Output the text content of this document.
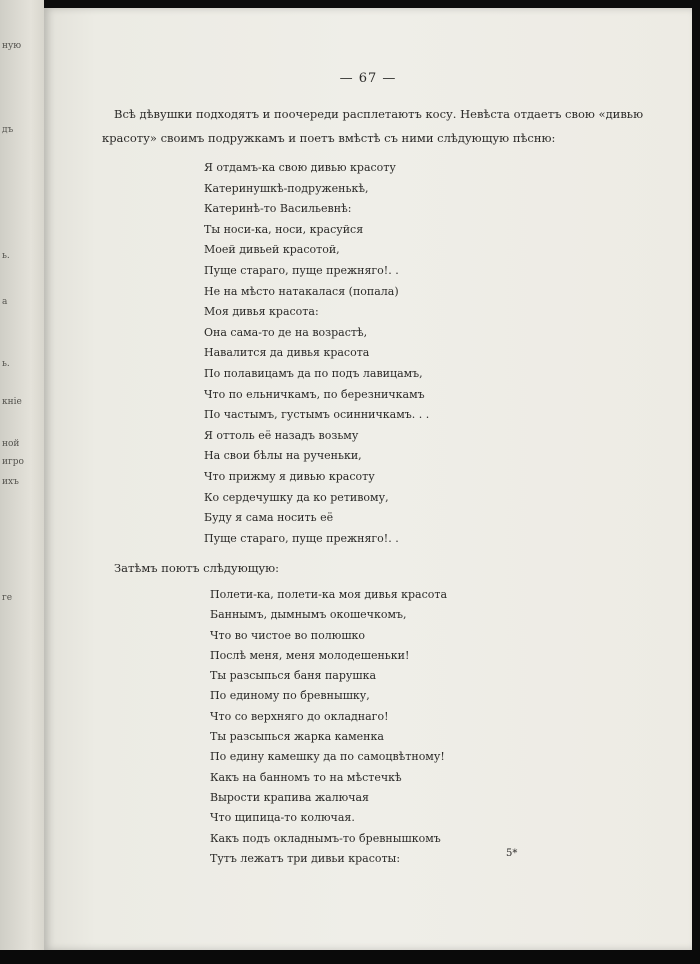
ную
дъ
ь.
а
ь.
кніе
ной
игро
ихъ
ге
— 67 —
Всѣ дѣвушки подходятъ и поочереди расплетаютъ косу. Невѣста отдаетъ свою «дивью красоту» своимъ подружкамъ и поетъ вмѣстѣ съ ними слѣдующую пѣсню:
Я отдамъ-ка свою дивью красоту
Катеринушкѣ-подруженькѣ,
Катеринѣ-то Васильевнѣ:
Ты носи-ка, носи, красуйся
Моей дивьей красотой,
Пуще стараго, пуще прежняго!. .
Не на мѣсто натакалася (попала)
Моя дивья красота:
Она сама-то де на возрастѣ,
Навалится да дивья красота
По полавицамъ да по подъ лавицамъ,
Что по ельничкамъ, по березничкамъ
По частымъ, густымъ осинничкамъ. . .
Я оттоль её назадъ возьму
На свои бѣлы на рученьки,
Что прижму я дивью красоту
Ко сердечушку да ко ретивому,
Буду я сама носить её
Пуще стараго, пуще прежняго!. .
Затѣмъ поютъ слѣдующую:
Полети-ка, полети-ка моя дивья красота
Баннымъ, дымнымъ окошечкомъ,
Что во чистое во полюшко
Послѣ меня, меня молодешеньки!
Ты разсыпься баня парушка
По единому по бревнышку,
Что со верхняго до окладнаго!
Ты разсыпься жарка каменка
По едину камешку да по самоцвѣтному!
Какъ на банномъ то на мѣстечкѣ
Вырости крапива жалючая
Что щипица-то колючая.
Какъ подъ окладнымъ-то бревнышкомъ
Тутъ лежатъ три дивьи красоты:	5*
